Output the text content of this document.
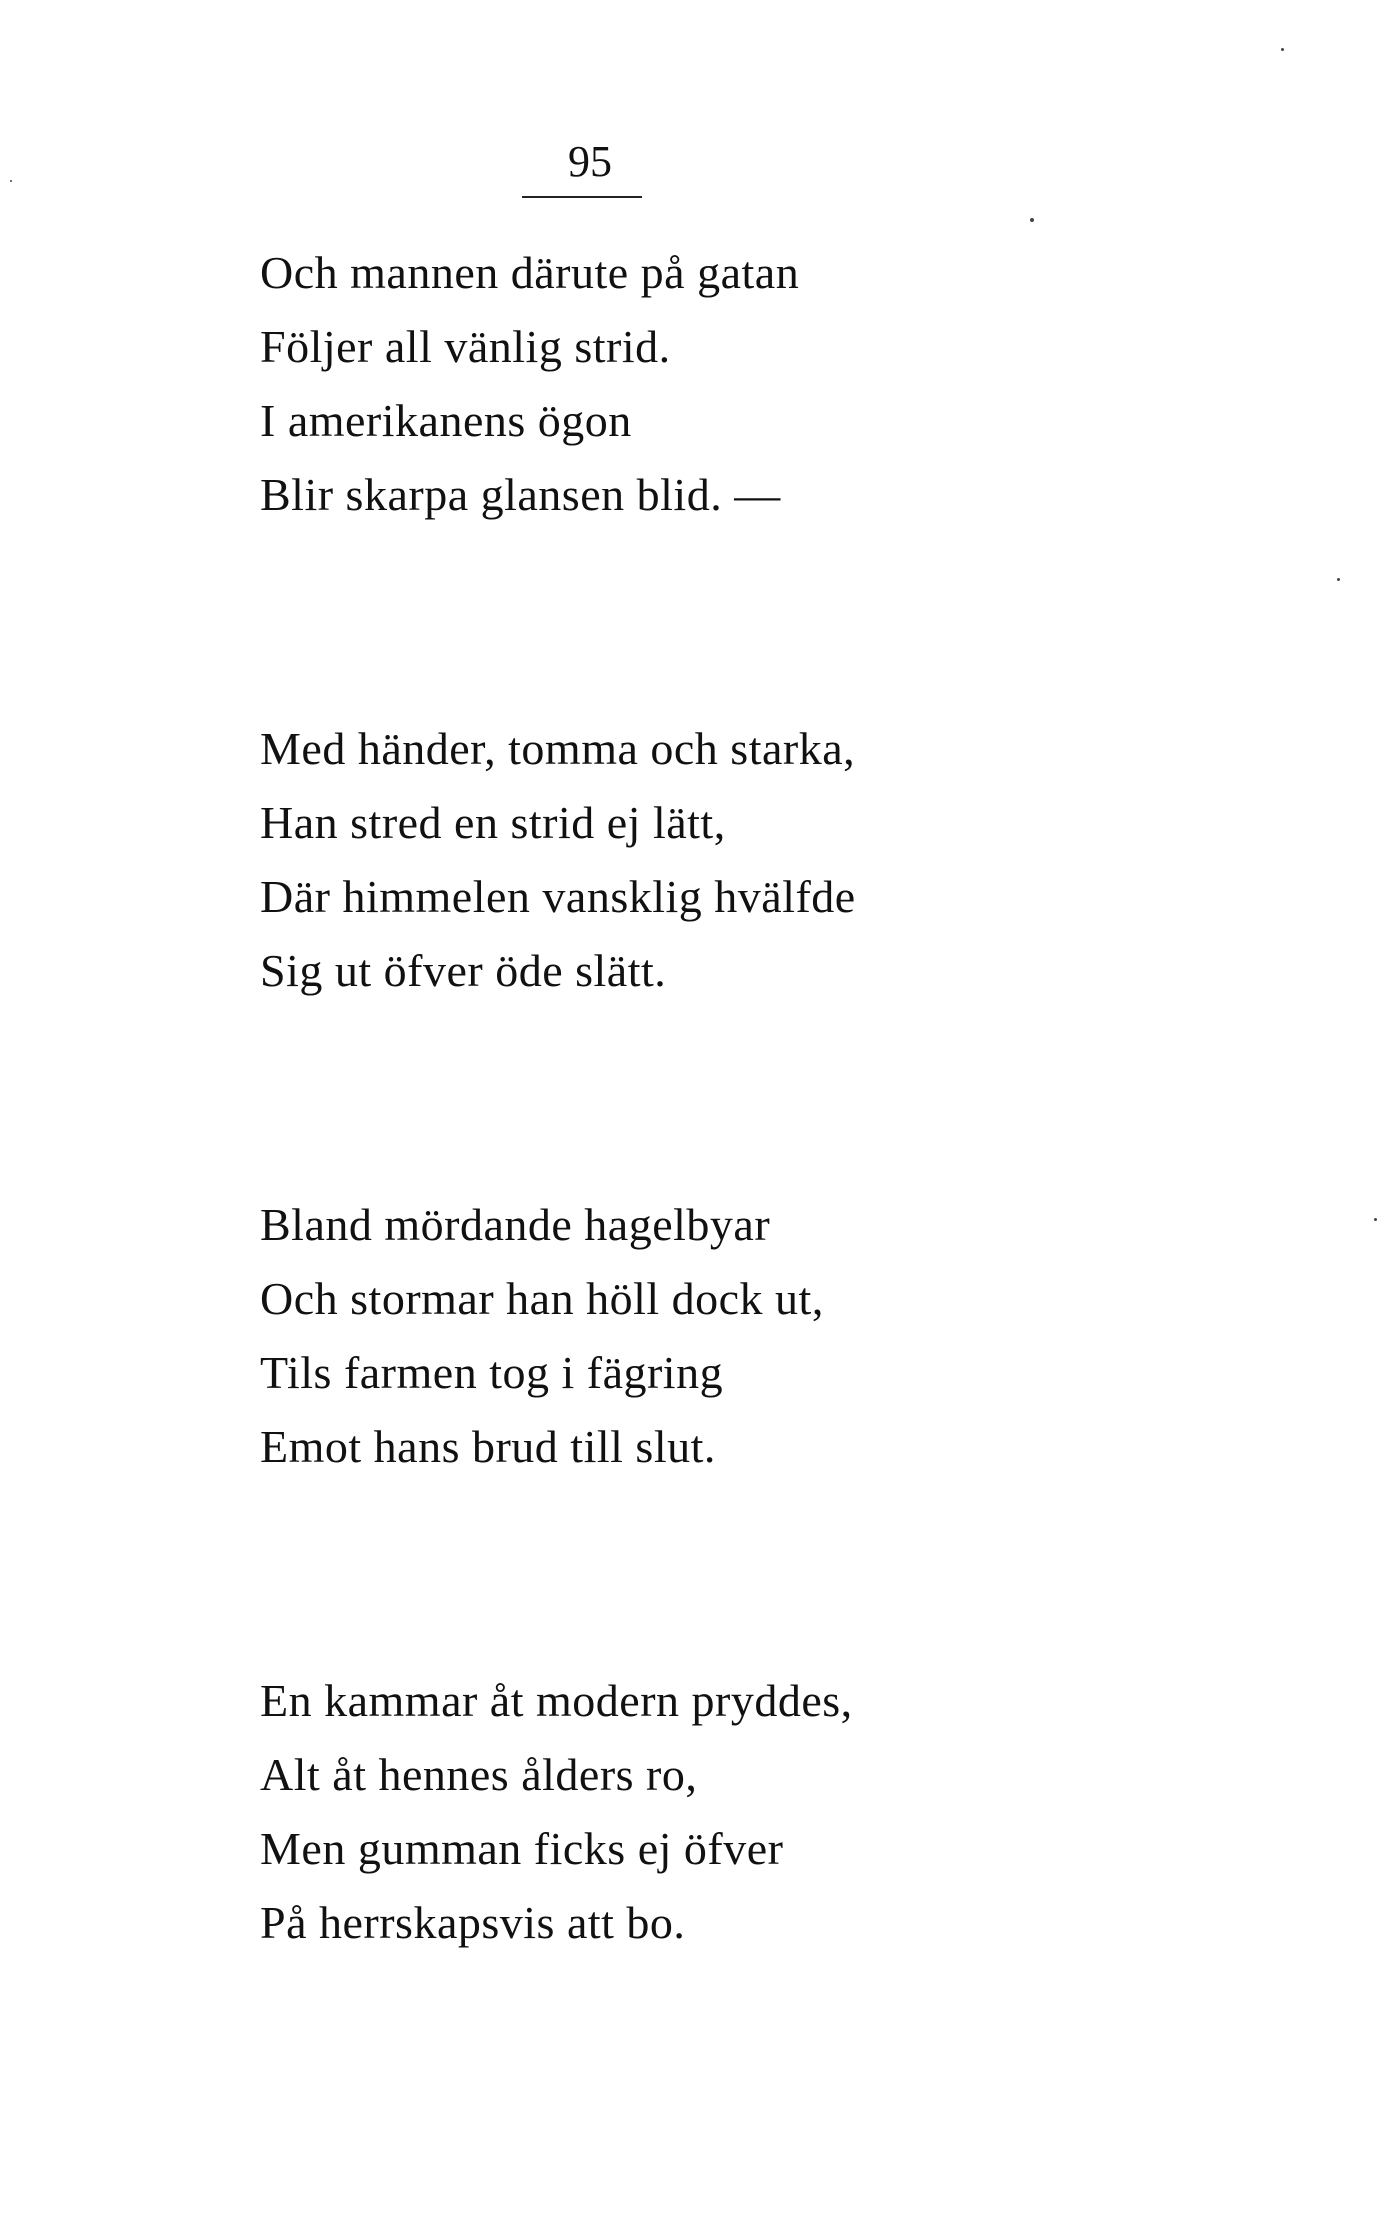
95
Och mannen därute på gatan
Följer all vänlig strid.
I amerikanens ögon
Blir skarpa glansen blid. —
Med händer, tomma och starka,
Han stred en strid ej lätt,
Där himmelen vansklig hvälfde
Sig ut öfver öde slätt.
Bland mördande hagelbyar
Och stormar han höll dock ut,
Tils farmen tog i fägring
Emot hans brud till slut.
En kammar åt modern pryddes,
Alt åt hennes ålders ro,
Men gumman ficks ej öfver
På herrskapsvis att bo.
